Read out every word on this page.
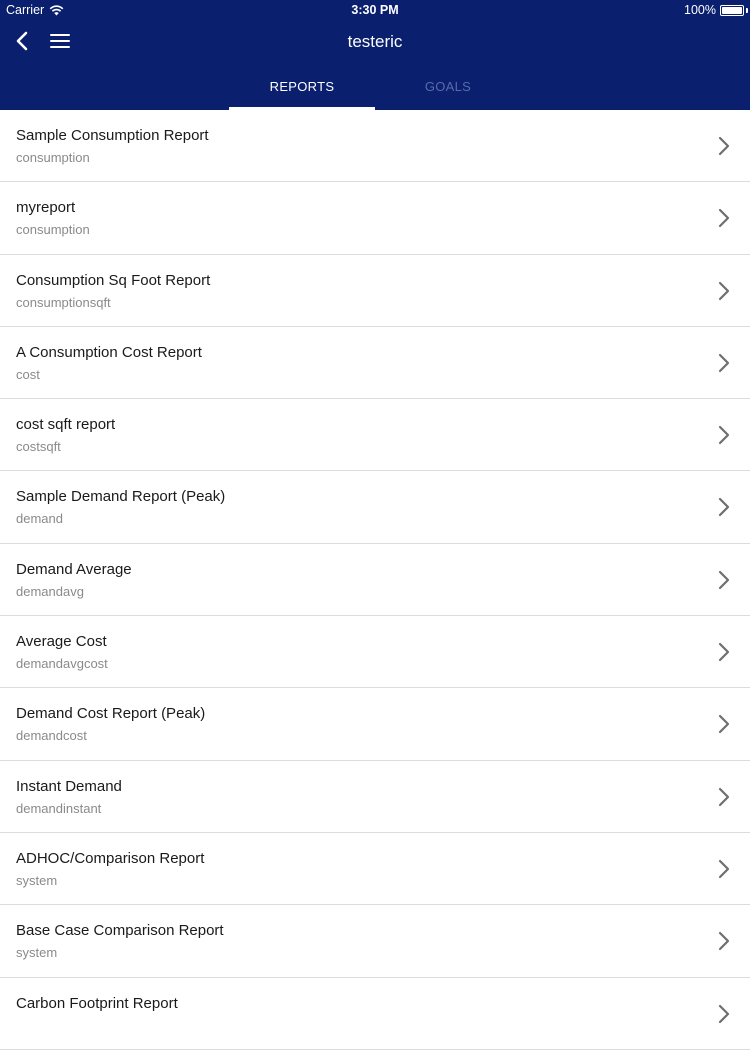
Carrier	3:30 PM	100%
testeric
REPORTS	GOALS
Sample Consumption Report
consumption
myreport
consumption
Consumption Sq Foot Report
consumptionsqft
A Consumption Cost Report
cost
cost sqft report
costsqft
Sample Demand Report (Peak)
demand
Demand Average
demandavg
Average Cost
demandavgcost
Demand Cost Report (Peak)
demandcost
Instant Demand
demandinstant
ADHOC/Comparison Report
system
Base Case Comparison Report
system
Carbon Footprint Report
